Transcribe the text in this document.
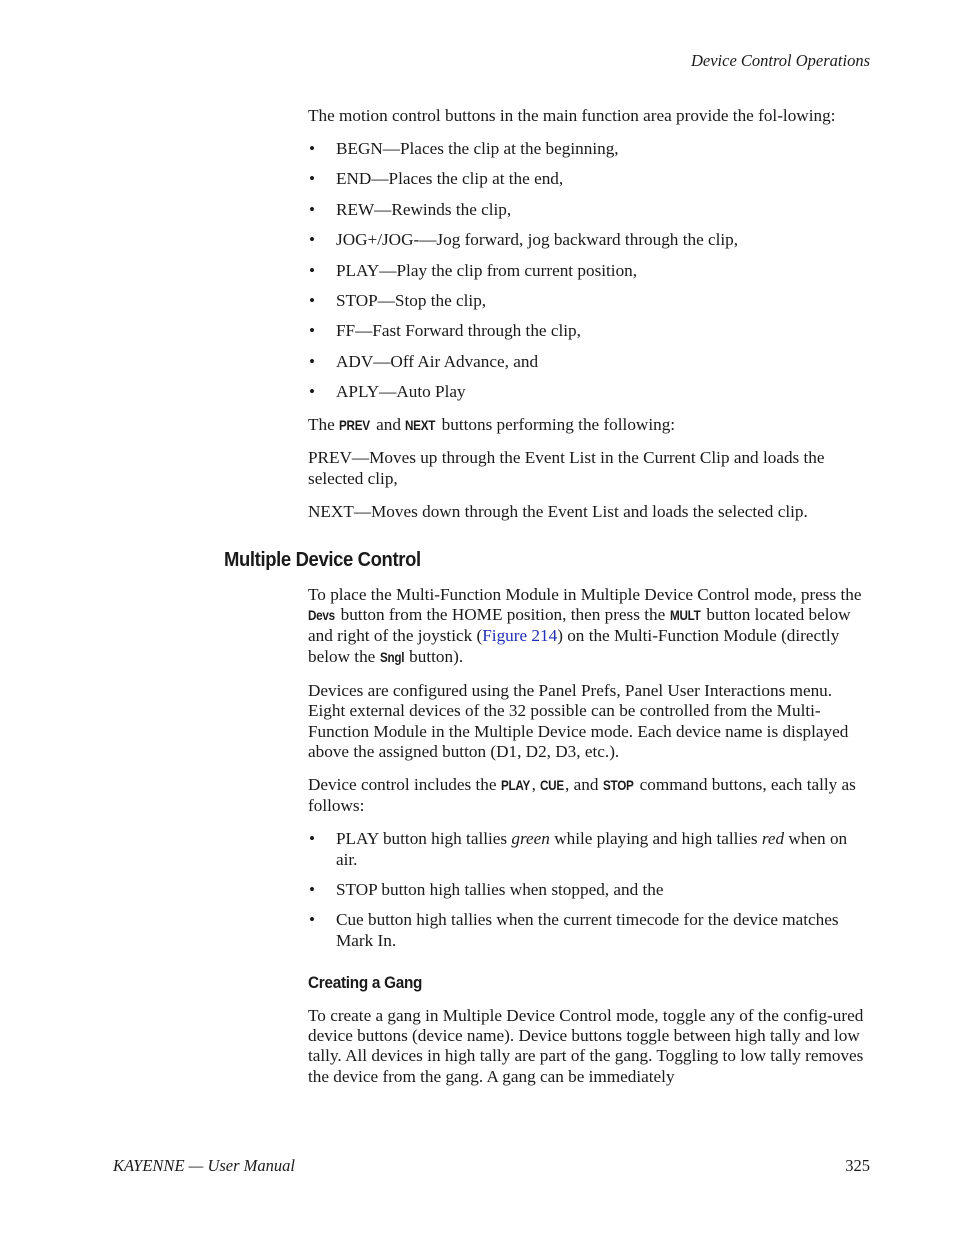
Device Control Operations

The motion control buttons in the main function area provide the fol-lowing:

• BEGN—Places the clip at the beginning,
• END—Places the clip at the end,
• REW—Rewinds the clip,
• JOG+/JOG-—Jog forward, jog backward through the clip,
• PLAY—Play the clip from current position,
• STOP—Stop the clip,
• FF—Fast Forward through the clip,
• ADV—Off Air Advance, and
• APLY—Auto Play

The PREV and NEXT buttons performing the following:

PREV—Moves up through the Event List in the Current Clip and loads the selected clip,

NEXT—Moves down through the Event List and loads the selected clip.

Multiple Device Control

To place the Multi-Function Module in Multiple Device Control mode, press the Devs button from the HOME position, then press the MULT button located below and right of the joystick (Figure 214) on the Multi-Function Module (directly below the Sngl button).

Devices are configured using the Panel Prefs, Panel User Interactions menu. Eight external devices of the 32 possible can be controlled from the Multi-Function Module in the Multiple Device mode. Each device name is displayed above the assigned button (D1, D2, D3, etc.).

Device control includes the PLAY , CUE, and STOP command buttons, each tally as follows:

• PLAY button high tallies green while playing and high tallies red when on air.
• STOP button high tallies when stopped, and the
• Cue button high tallies when the current timecode for the device matches Mark In.
Creating a Gang

To create a gang in Multiple Device Control mode, toggle any of the config-ured device buttons (device name). Device buttons toggle between high tally and low tally. All devices in high tally are part of the gang. Toggling to low tally removes the device from the gang. A gang can be immediately

KAYENNE — User Manual	325
